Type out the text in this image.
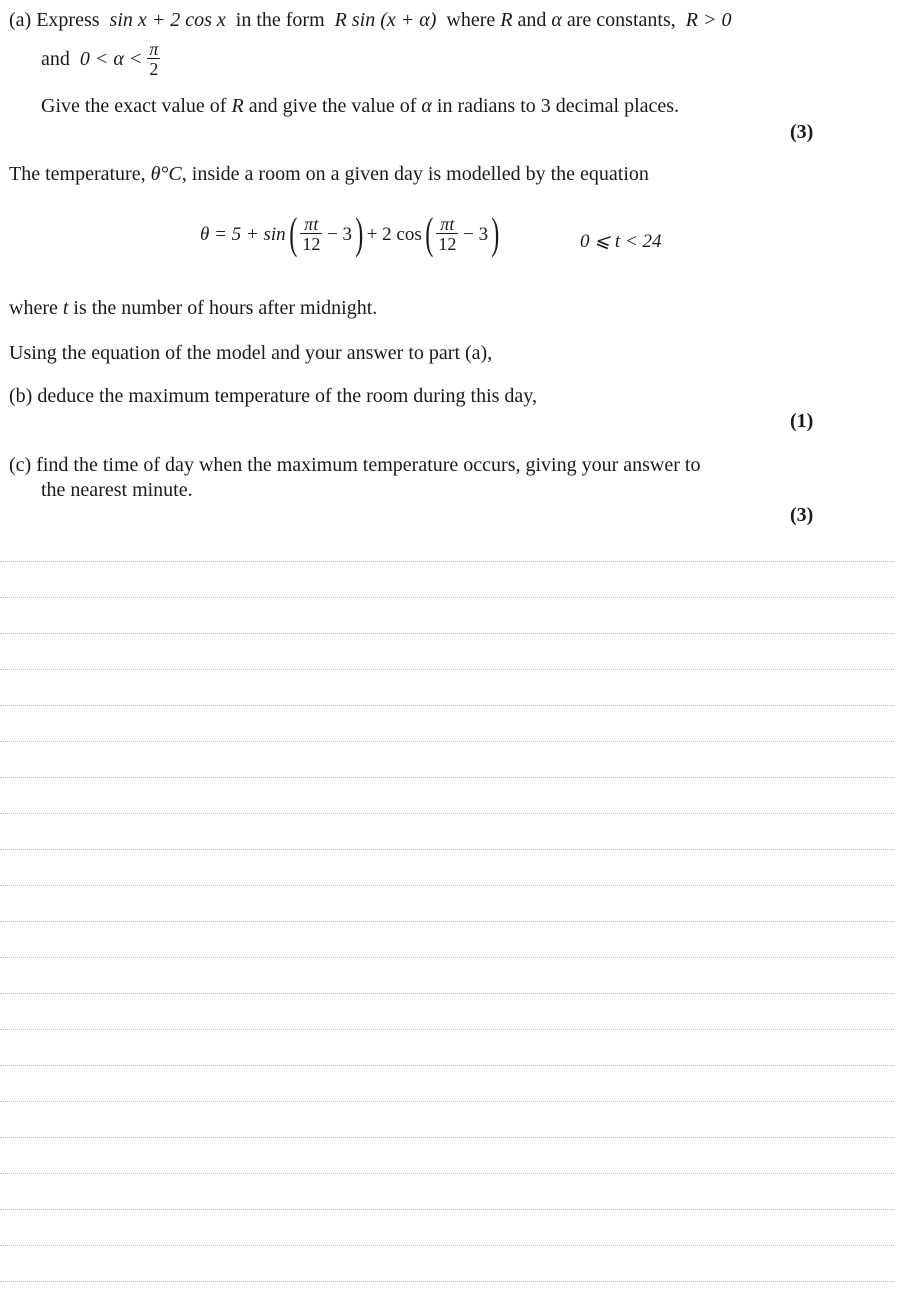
(a) Express sin x + 2 cos x in the form R sin (x + α) where R and α are constants, R > 0
and
0 < α <
$\frac{\pi}{2}$
Give the exact value of R and give the value of α in radians to 3 decimal places.
(3)
The temperature, θ°C, inside a room on a given day is modelled by the equation
θ = 5 + sin ( $\frac{\pi t}{12}$
− 3 ) + 2 cos ( $\frac{\pi t}{12}$
− 3 )	0 ⩽ t < 24
where t is the number of hours after midnight.
Using the equation of the model and your answer to part (a),
(b) deduce the maximum temperature of the room during this day,
(1)
(c) find the time of day when the maximum temperature occurs, giving your answer to
the nearest minute.
(3)
